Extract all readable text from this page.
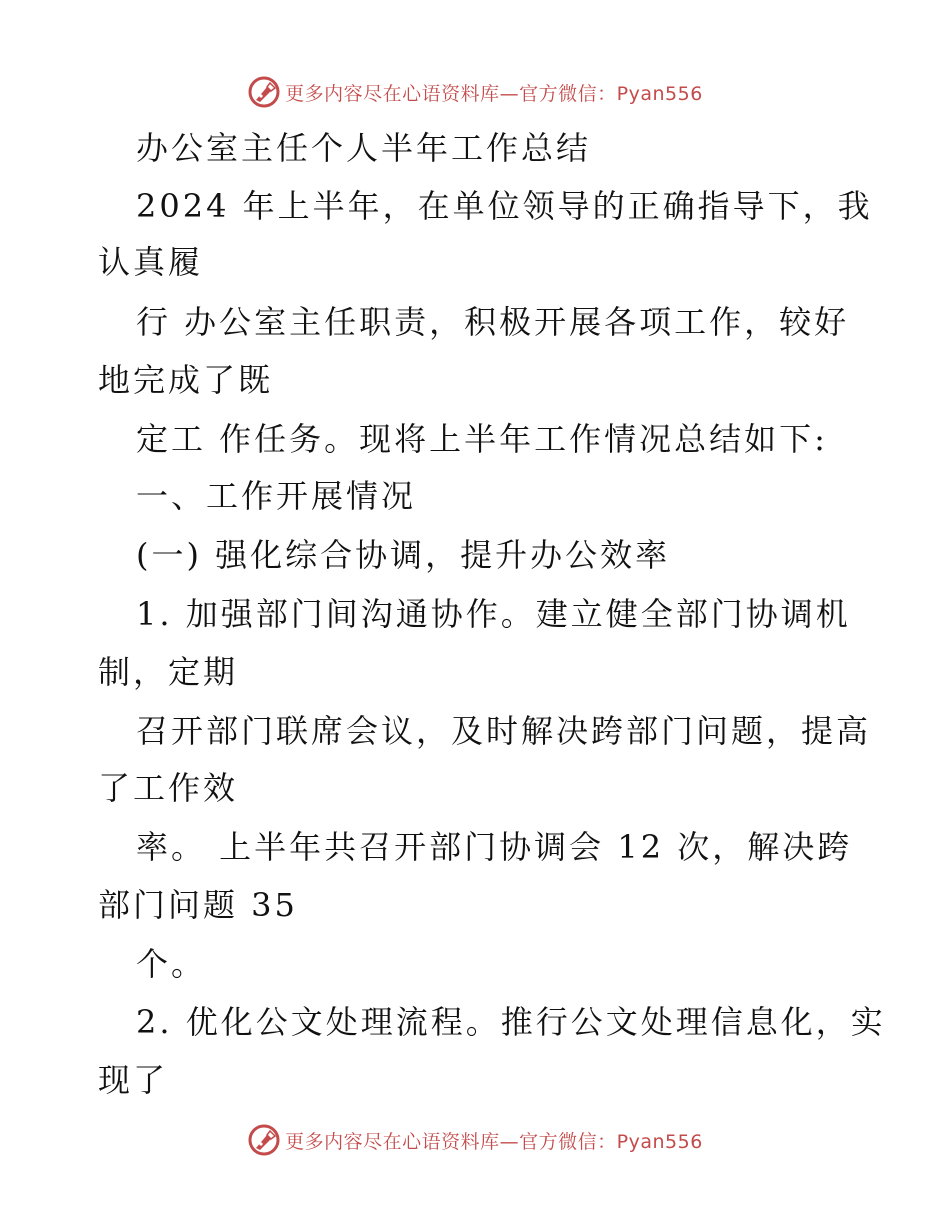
更多内容尽在心语资料库—官方微信：Pyan556
办公室主任个人半年工作总结
2024 年上半年，在单位领导的正确指导下，我
认真履
行 办公室主任职责，积极开展各项工作，较好
地完成了既
定工 作任务。现将上半年工作情况总结如下:
一、工作开展情况
(一) 强化综合协调，提升办公效率
1. 加强部门间沟通协作。建立健全部门协调机
制，定期
召开部门联席会议，及时解决跨部门问题，提高
了工作效
率。 上半年共召开部门协调会 12 次，解决跨
部门问题 35
个。
2. 优化公文处理流程。推行公文处理信息化，实
现了
更多内容尽在心语资料库—官方微信：Pyan556
